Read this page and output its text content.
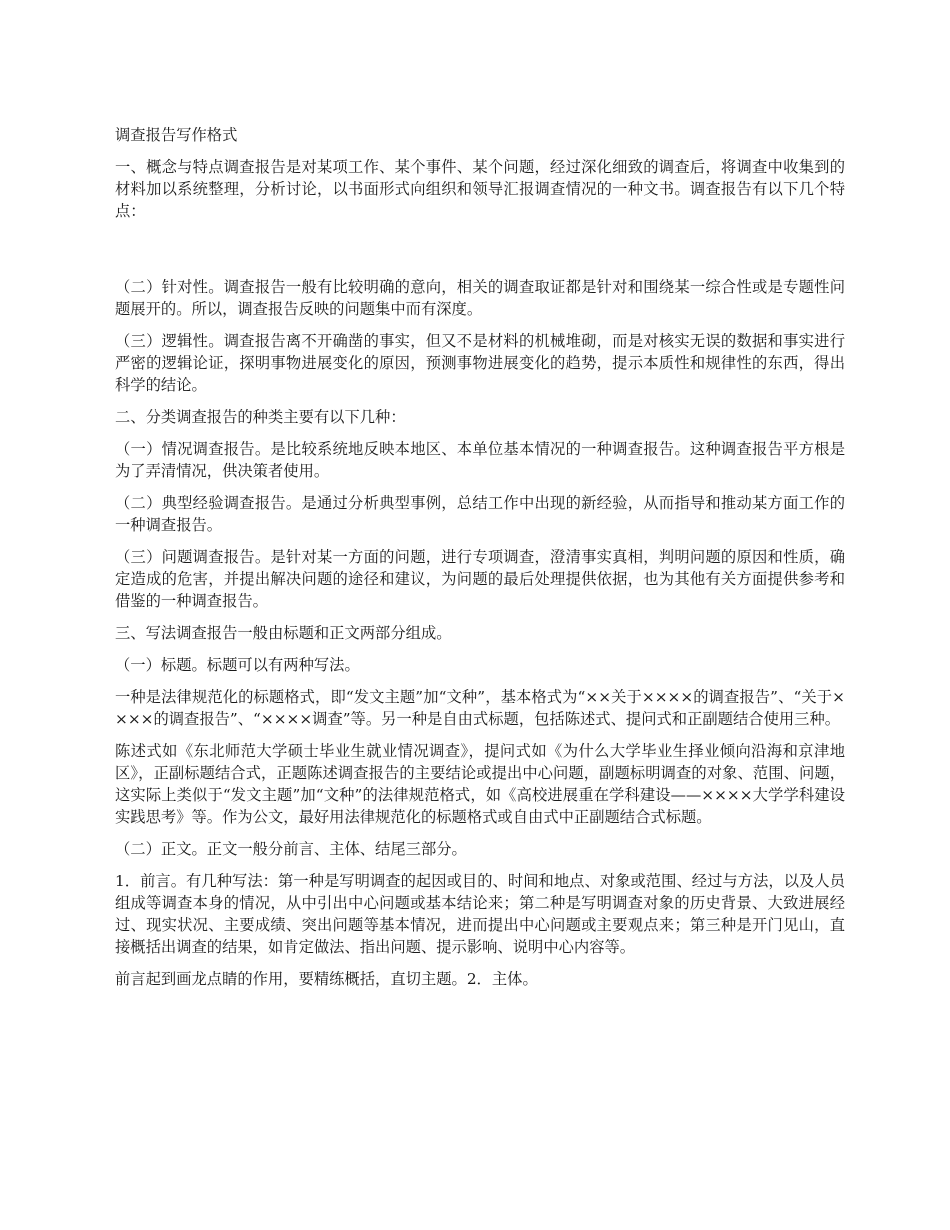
调查报告写作格式

一、概念与特点调查报告是对某项工作、某个事件、某个问题，经过深化细致的调查后，将调查中收集到的材料加以系统整理，分析讨论，以书面形式向组织和领导汇报调查情况的一种文书。调查报告有以下几个特点：

（二）针对性。调查报告一般有比较明确的意向，相关的调查取证都是针对和围绕某一综合性或是专题性问题展开的。所以，调查报告反映的问题集中而有深度。

（三）逻辑性。调查报告离不开确凿的事实，但又不是材料的机械堆砌，而是对核实无误的数据和事实进行严密的逻辑论证，探明事物进展变化的原因，预测事物进展变化的趋势，提示本质性和规律性的东西，得出科学的结论。

二、分类调查报告的种类主要有以下几种：

（一）情况调查报告。是比较系统地反映本地区、本单位基本情况的一种调查报告。这种调查报告平方根是为了弄清情况，供决策者使用。

（二）典型经验调查报告。是通过分析典型事例，总结工作中出现的新经验，从而指导和推动某方面工作的一种调查报告。

（三）问题调查报告。是针对某一方面的问题，进行专项调查，澄清事实真相，判明问题的原因和性质，确定造成的危害，并提出解决问题的途径和建议，为问题的最后处理提供依据，也为其他有关方面提供参考和借鉴的一种调查报告。

三、写法调查报告一般由标题和正文两部分组成。

（一）标题。标题可以有两种写法。

一种是法律规范化的标题格式，即“发文主题”加“文种”，基本格式为“××关于××××的调查报告”、“关于××××的调查报告”、“××××调查”等。另一种是自由式标题，包括陈述式、提问式和正副题结合使用三种。

陈述式如《东北师范大学硕士毕业生就业情况调查》，提问式如《为什么大学毕业生择业倾向沿海和京津地区》，正副标题结合式，正题陈述调查报告的主要结论或提出中心问题，副题标明调查的对象、范围、问题，这实际上类似于“发文主题”加“文种”的法律规范格式，如《高校进展重在学科建设——××××大学学科建设实践思考》等。作为公文，最好用法律规范化的标题格式或自由式中正副题结合式标题。

（二）正文。正文一般分前言、主体、结尾三部分。

1．前言。有几种写法：第一种是写明调查的起因或目的、时间和地点、对象或范围、经过与方法，以及人员组成等调查本身的情况，从中引出中心问题或基本结论来；第二种是写明调查对象的历史背景、大致进展经过、现实状况、主要成绩、突出问题等基本情况，进而提出中心问题或主要观点来；第三种是开门见山，直接概括出调查的结果，如肯定做法、指出问题、提示影响、说明中心内容等。

前言起到画龙点睛的作用，要精练概括，直切主题。2．主体。
